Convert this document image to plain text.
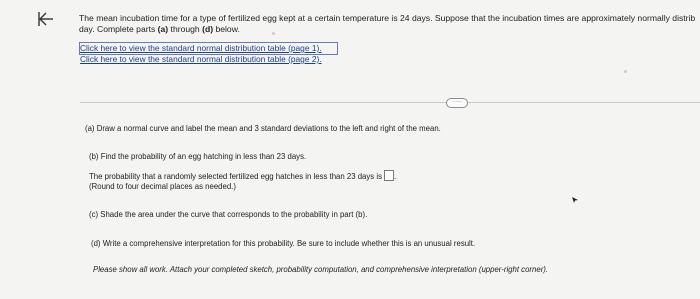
The mean incubation time for a type of fertilized egg kept at a certain temperature is 24 days. Suppose that the incubation times are approximately normally distrib
day. Complete parts (a) through (d) below.
Click here to view the standard normal distribution table (page 1).
Click here to view the standard normal distribution table (page 2).
·····
(a) Draw a normal curve and label the mean and 3 standard deviations to the left and right of the mean.
(b) Find the probability of an egg hatching in less than 23 days.
The probability that a randomly selected fertilized egg hatches in less than 23 days is .
(Round to four decimal places as needed.)
(c) Shade the area under the curve that corresponds to the probability in part (b).
(d) Write a comprehensive interpretation for this probability. Be sure to include whether this is an unusual result.
Please show all work. Attach your completed sketch, probability computation, and comprehensive interpretation (upper-right corner).
